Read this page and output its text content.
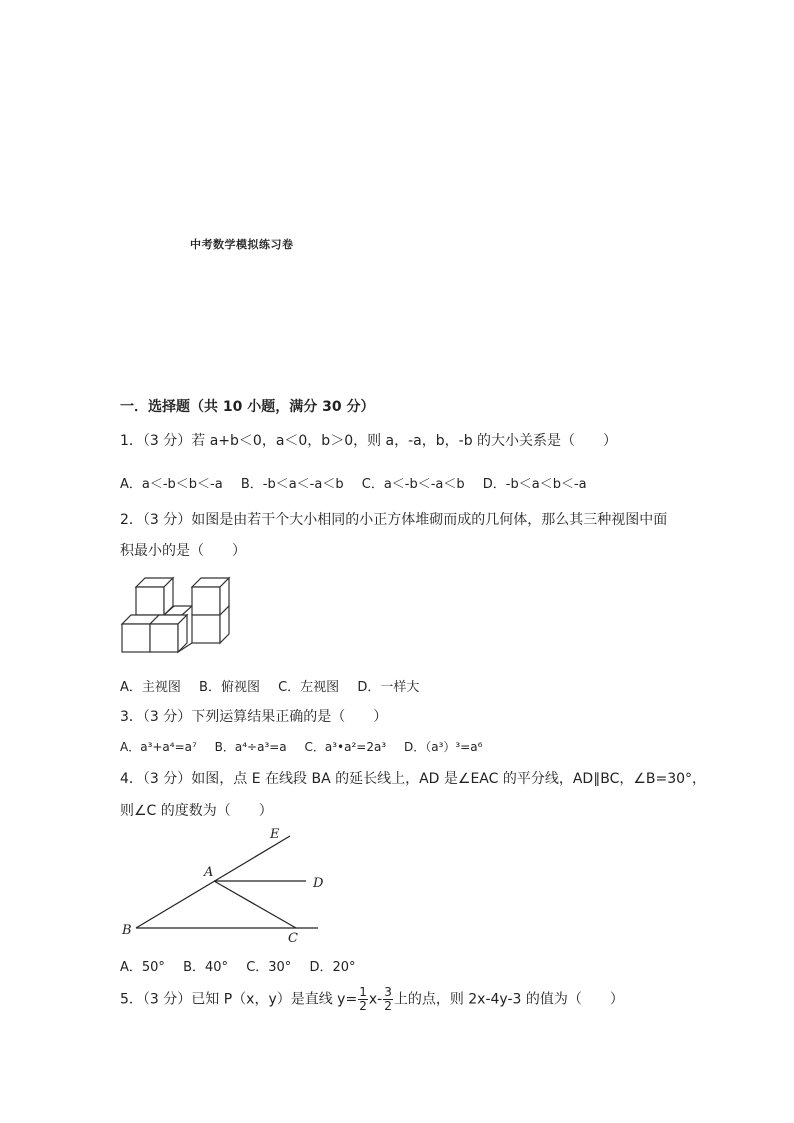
中考数学模拟练习卷
一．选择题（共 10 小题，满分 30 分）
1．（3 分）若 a+b＜0，a＜0，b＞0，则 a，-a，b，-b 的大小关系是（　　）
A．a＜-b＜b＜-a B．-b＜a＜-a＜b C．a＜-b＜-a＜b D．-b＜a＜b＜-a
2．（3 分）如图是由若干个大小相同的小正方体堆砌而成的几何体，那么其三种视图中面
积最小的是（　　）
A．主视图 B．俯视图 C．左视图 D．一样大
3．（3 分）下列运算结果正确的是（　　）
A．a³+a⁴=a⁷ B．a⁴÷a³=a C．a³•a²=2a³ D．（a³）³=a⁶
4．（3 分）如图，点 E 在线段 BA 的延长线上，AD 是∠EAC 的平分线，AD∥BC，∠B=30°，
则∠C 的度数为（　　）
E
A
D
B
C
A．50° B．40° C．30° D．20°
5．（3 分）已知 P（x，y）是直线 $y= \frac{1}{2} x- \frac{3}{2}$ 上的点，则 2x-4y-3 的值为（　　）
